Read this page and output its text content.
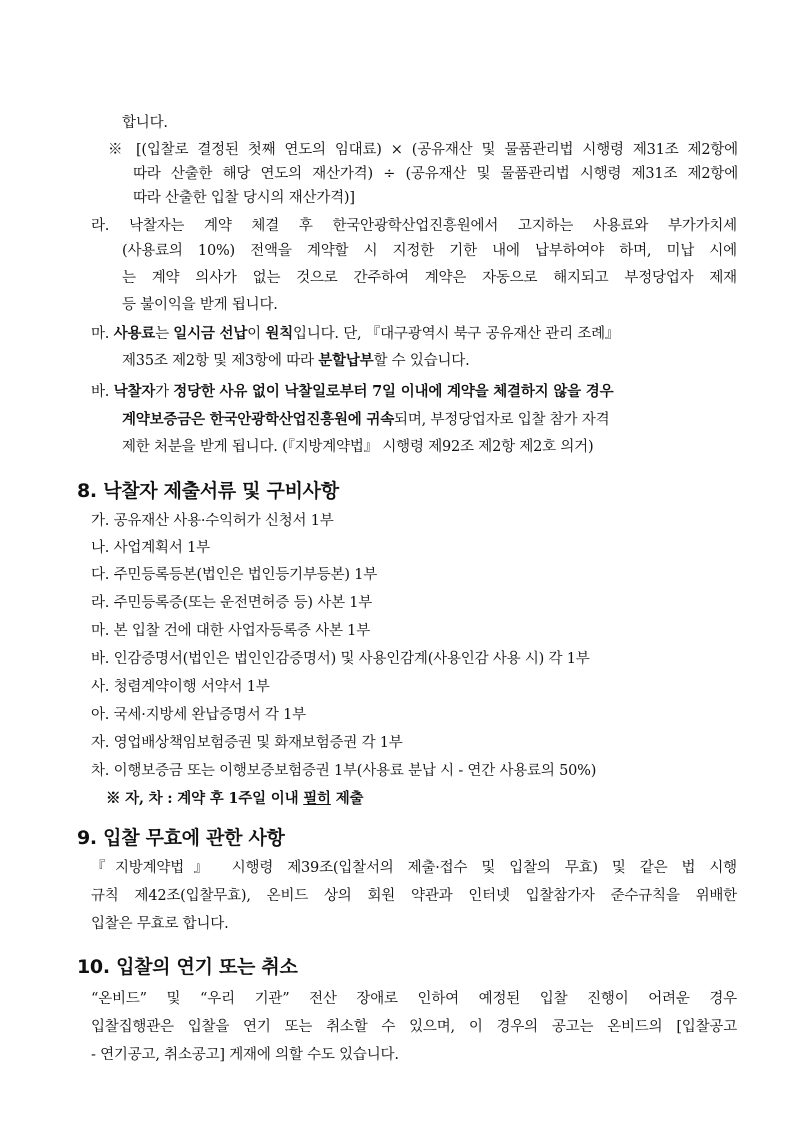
합니다.
※ [(입찰로 결정된 첫째 연도의 임대료) × (공유재산 및 물품관리법 시행령 제31조 제2항에
따라 산출한 해당 연도의 재산가격) ÷ (공유재산 및 물품관리법 시행령 제31조 제2항에
따라 산출한 입찰 당시의 재산가격)]
라. 낙찰자는 계약 체결 후 한국안광학산업진흥원에서 고지하는 사용료와 부가가치세
(사용료의 10%) 전액을 계약할 시 지정한 기한 내에 납부하여야 하며, 미납 시에
는 계약 의사가 없는 것으로 간주하여 계약은 자동으로 해지되고 부정당업자 제재
등 불이익을 받게 됩니다.
마. 사용료는 일시금 선납이 원칙입니다. 단, 『대구광역시 북구 공유재산 관리 조례』
제35조 제2항 및 제3항에 따라 분할납부할 수 있습니다.
바. 낙찰자가 정당한 사유 없이 낙찰일로부터 7일 이내에 계약을 체결하지 않을 경우
계약보증금은 한국안광학산업진흥원에 귀속되며, 부정당업자로 입찰 참가 자격
제한 처분을 받게 됩니다. (『지방계약법』 시행령 제92조 제2항 제2호 의거)
8. 낙찰자 제출서류 및 구비사항
가. 공유재산 사용·수익허가 신청서 1부
나. 사업계획서 1부
다. 주민등록등본(법인은 법인등기부등본) 1부
라. 주민등록증(또는 운전면허증 등) 사본 1부
마. 본 입찰 건에 대한 사업자등록증 사본 1부
바. 인감증명서(법인은 법인인감증명서) 및 사용인감계(사용인감 사용 시) 각 1부
사. 청렴계약이행 서약서 1부
아. 국세·지방세 완납증명서 각 1부
자. 영업배상책임보험증권 및 화재보험증권 각 1부
차. 이행보증금 또는 이행보증보험증권 1부(사용료 분납 시 - 연간 사용료의 50%)
※ 자, 차 : 계약 후 1주일 이내 필히 제출
9. 입찰 무효에 관한 사항
『지방계약법』 시행령 제39조(입찰서의 제출·접수 및 입찰의 무효) 및 같은 법 시행
규칙 제42조(입찰무효), 온비드 상의 회원 약관과 인터넷 입찰참가자 준수규칙을 위배한
입찰은 무효로 합니다.
10. 입찰의 연기 또는 취소
“온비드” 및 “우리 기관” 전산 장애로 인하여 예정된 입찰 진행이 어려운 경우
입찰집행관은 입찰을 연기 또는 취소할 수 있으며, 이 경우의 공고는 온비드의 [입찰공고
- 연기공고, 취소공고] 게재에 의할 수도 있습니다.
